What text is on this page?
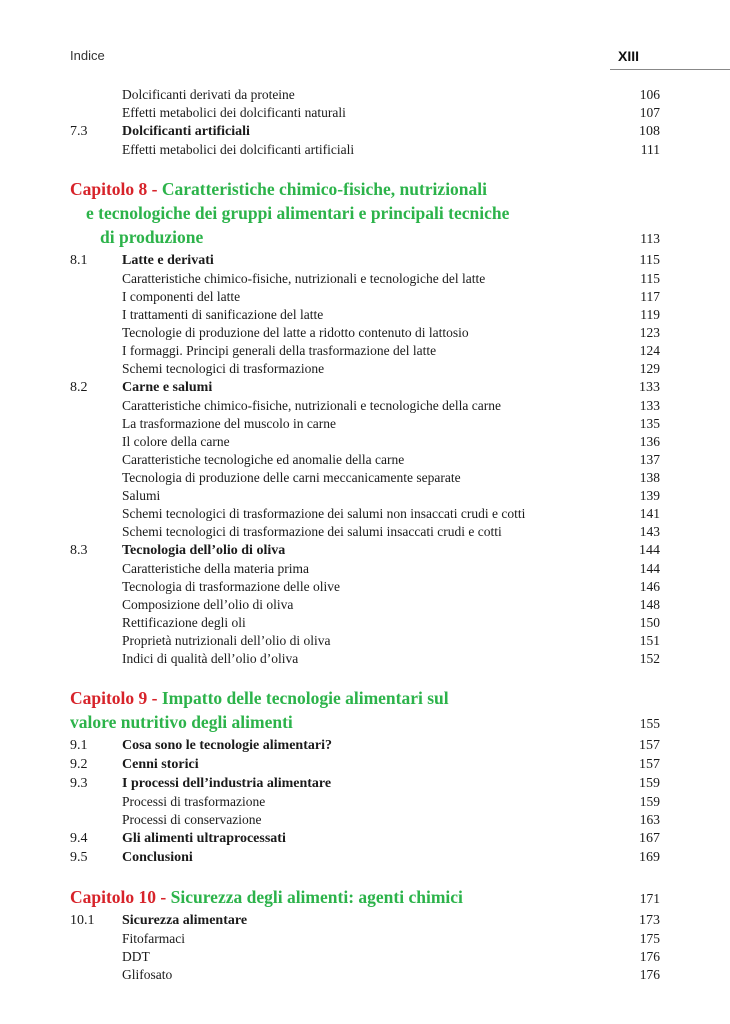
Indice	XIII
Dolcificanti derivati da proteine	106
Effetti metabolici dei dolcificanti naturali	107
7.3 Dolcificanti artificiali	108
Effetti metabolici dei dolcificanti artificiali	111
Capitolo 8 - Caratteristiche chimico-fisiche, nutrizionali
e tecnologiche dei gruppi alimentari e principali tecniche
di produzione	113
8.1 Latte e derivati	115
Caratteristiche chimico-fisiche, nutrizionali e tecnologiche del latte	115
I componenti del latte	117
I trattamenti di sanificazione del latte	119
Tecnologie di produzione del latte a ridotto contenuto di lattosio	123
I formaggi. Principi generali della trasformazione del latte	124
Schemi tecnologici di trasformazione	129
8.2 Carne e salumi	133
Caratteristiche chimico-fisiche, nutrizionali e tecnologiche della carne	133
La trasformazione del muscolo in carne	135
Il colore della carne	136
Caratteristiche tecnologiche ed anomalie della carne	137
Tecnologia di produzione delle carni meccanicamente separate	138
Salumi	139
Schemi tecnologici di trasformazione dei salumi non insaccati crudi e cotti	141
Schemi tecnologici di trasformazione dei salumi insaccati crudi e cotti	143
8.3 Tecnologia dell’olio di oliva	144
Caratteristiche della materia prima	144
Tecnologia di trasformazione delle olive	146
Composizione dell’olio di oliva	148
Rettificazione degli oli	150
Proprietà nutrizionali dell’olio di oliva	151
Indici di qualità dell’olio d’oliva	152
Capitolo 9 - Impatto delle tecnologie alimentari sul
valore nutritivo degli alimenti	155
9.1 Cosa sono le tecnologie alimentari?	157
9.2 Cenni storici	157
9.3 I processi dell’industria alimentare	159
Processi di trasformazione	159
Processi di conservazione	163
9.4 Gli alimenti ultraprocessati	167
9.5 Conclusioni	169
Capitolo 10 - Sicurezza degli alimenti: agenti chimici	171
10.1 Sicurezza alimentare	173
Fitofarmaci	175
DDT	176
Glifosato	176
